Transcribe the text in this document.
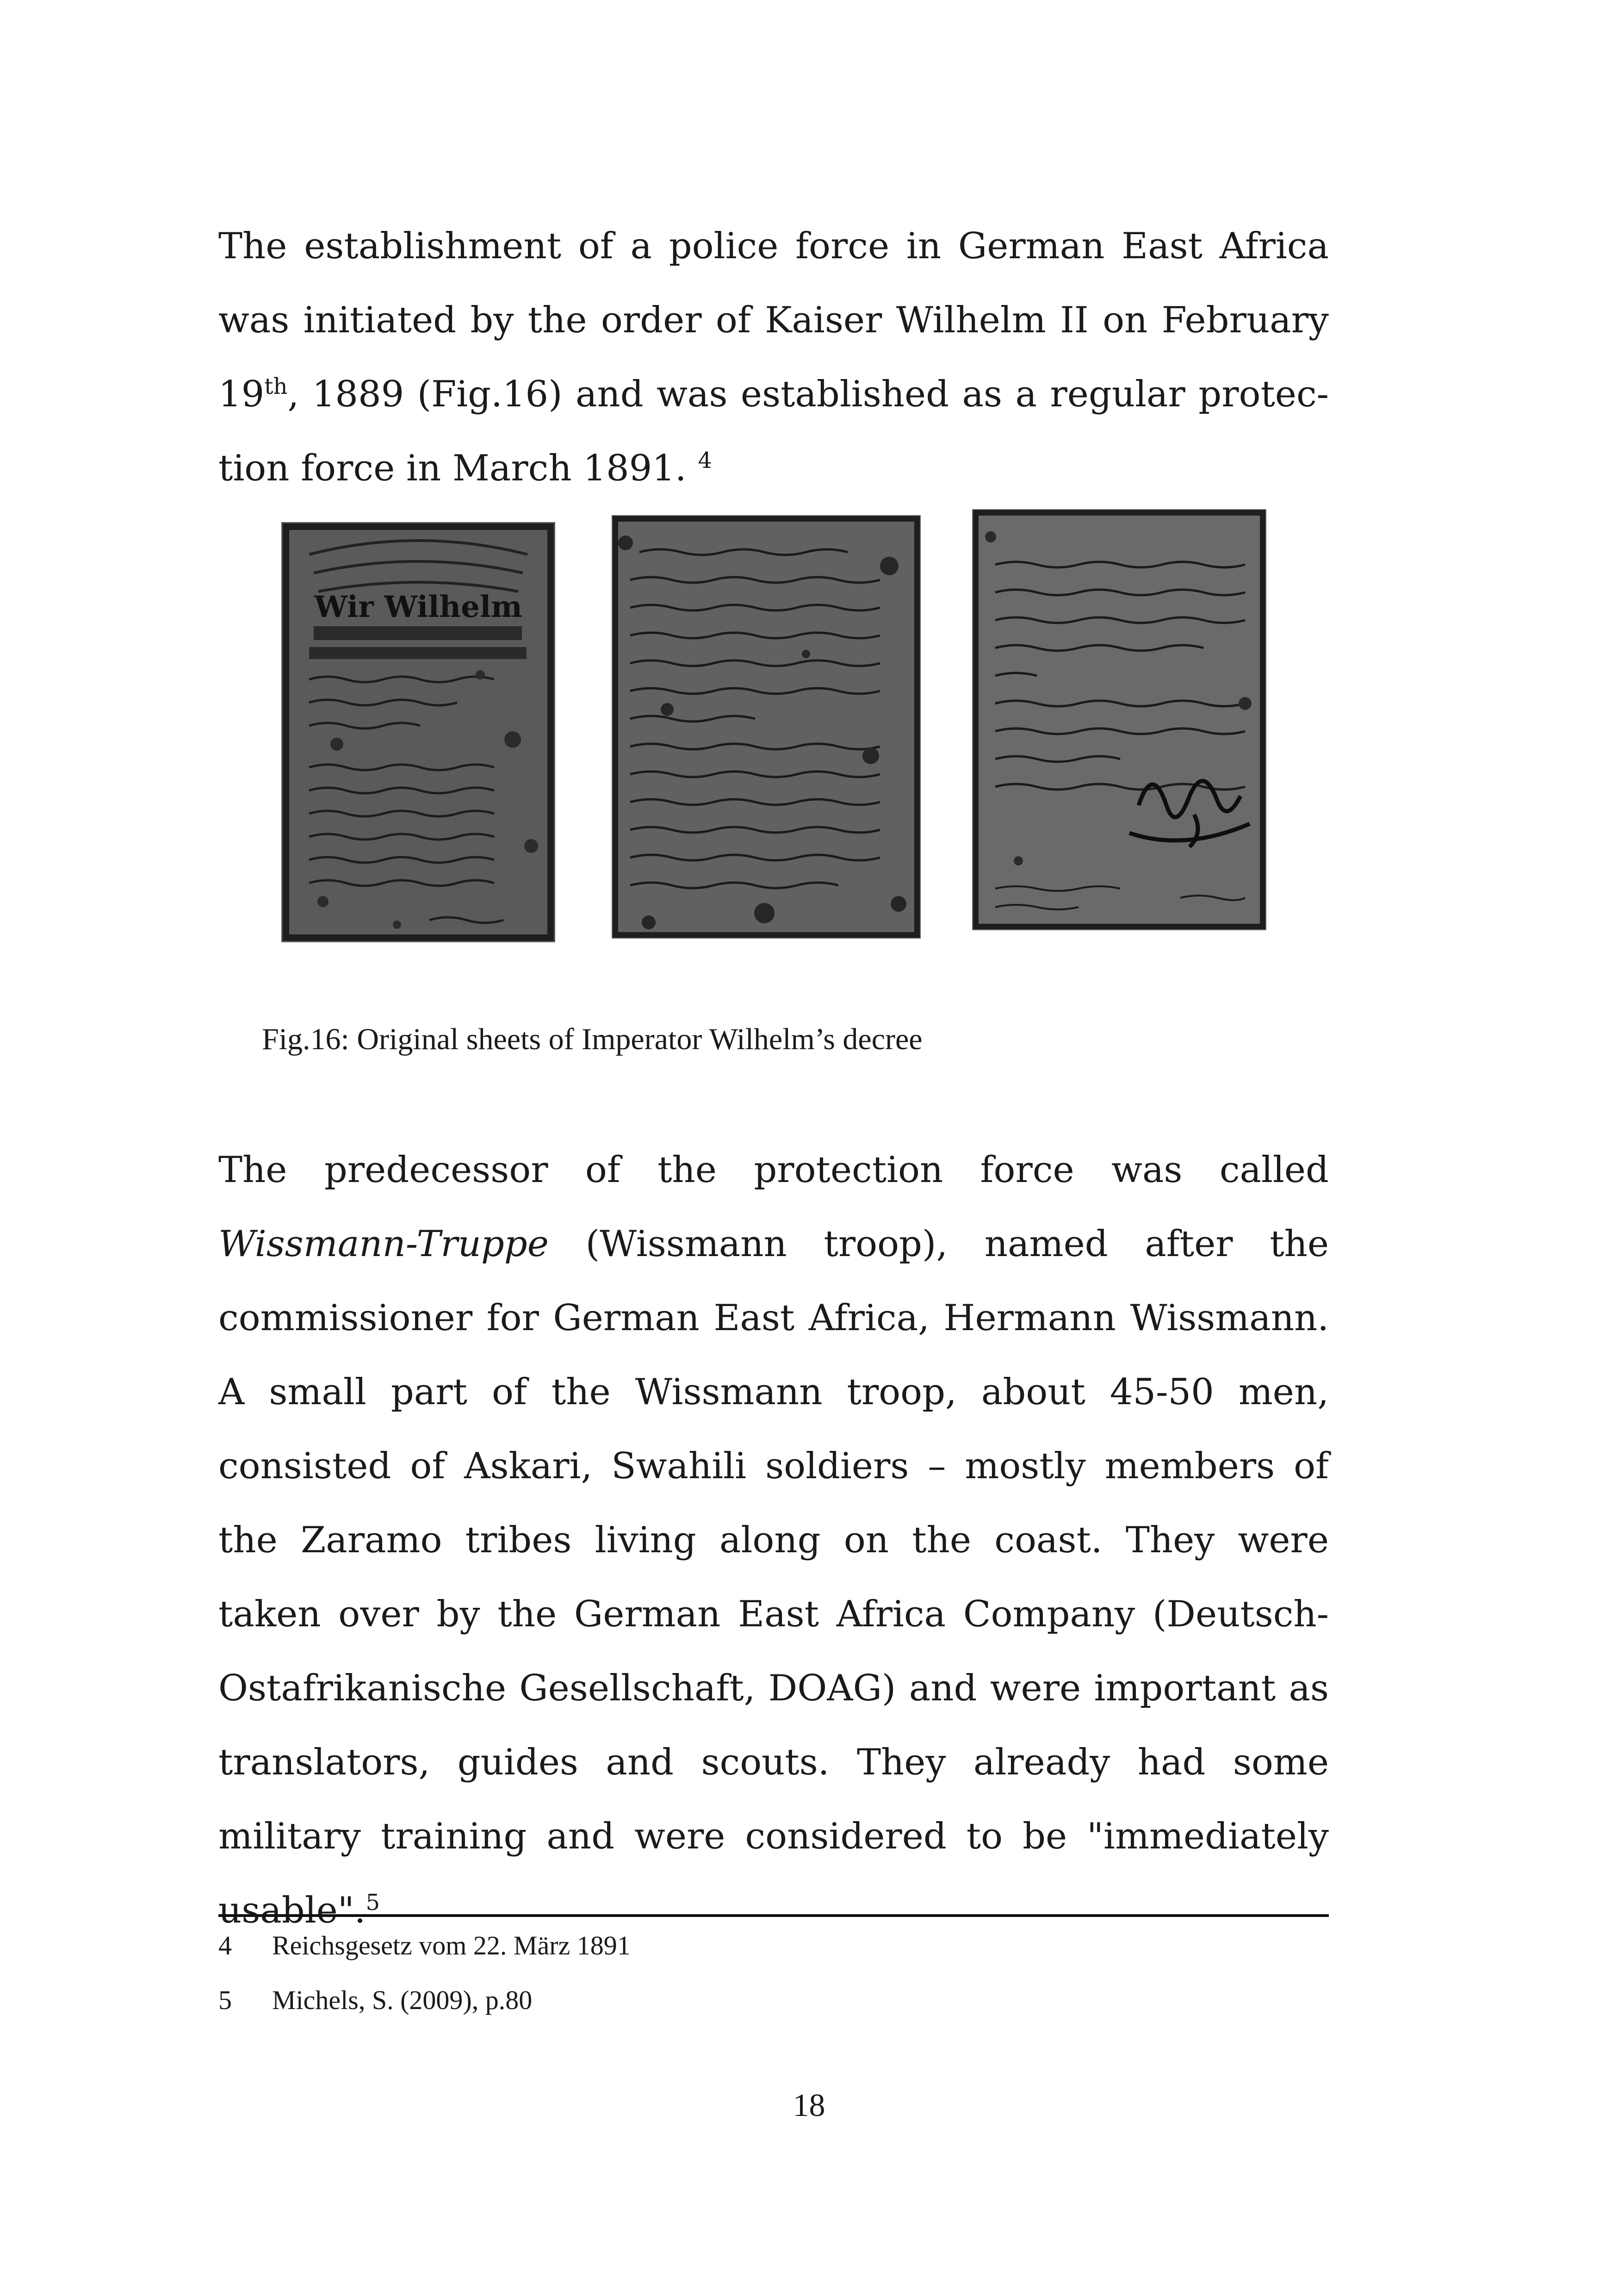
The establishment of a police force in German East Africa was initiated by the order of Kaiser Wilhelm II on February 19th, 1889 (Fig.16) and was established as a regular protec-tion force in March 1891. $^4$

Wir Wilhelm
Fig.16: Original sheets of Imperator Wilhelm’s decree

The predecessor of the protection force was called Wissmann-Truppe (Wissmann troop), named after the commissioner for German East Africa, Hermann Wissmann. A small part of the Wissmann troop, about 45-50 men, consisted of Askari, Swahili soldiers – mostly members of the Zaramo tribes living along on the coast. They were taken over by the German East Africa Company (Deutsch-Ostafrikanische Gesellschaft, DOAG) and were important as translators, guides and scouts. They already had some military training and were considered to be "immediately usable".$^5$

4 Reichsgesetz vom 22. März 1891
5 Michels, S. (2009), p.80
18
